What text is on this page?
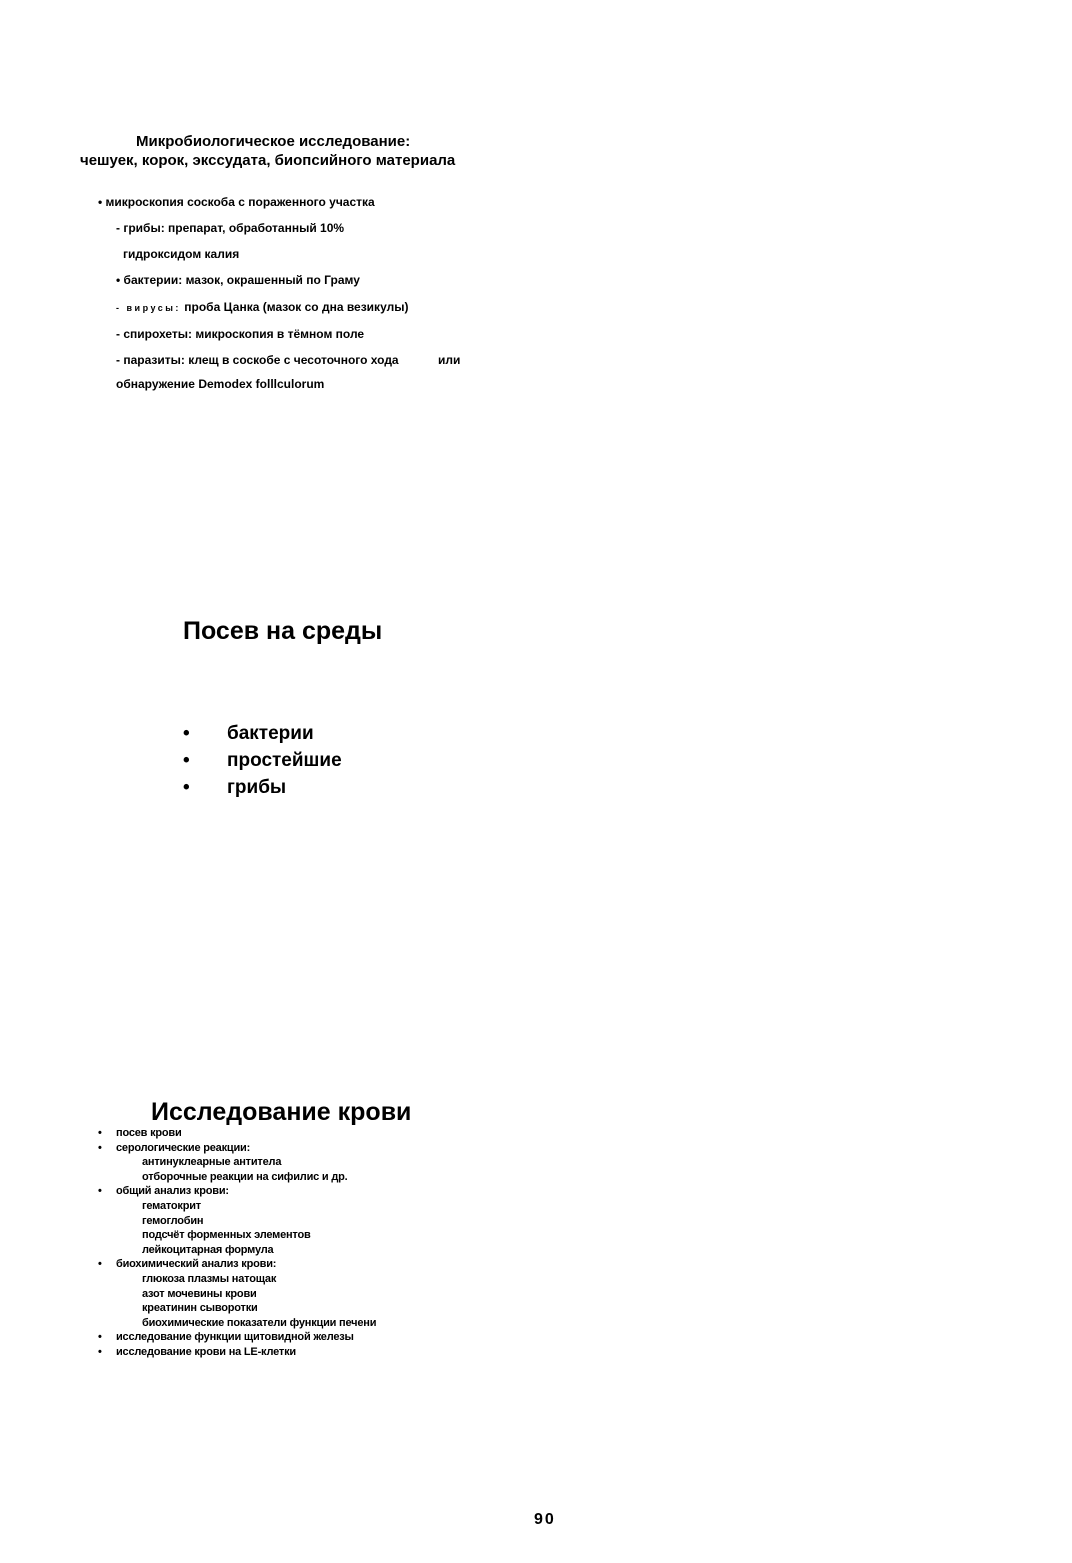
Микробиологическое исследование:
чешуек, корок, экссудата, биопсийного материала
• микроскопия соскоба с пораженного участка
- грибы: препарат, обработанный 10%
гидроксидом калия
• бактерии: мазок, окрашенный по Граму
- вирусы: проба Цанка (мазок со дна везикулы)
- спирохеты: микроскопия в тёмном поле
- паразиты: клещ в соскобе с чесоточного хода	или
обнаружение Demodex folllculorum
Посев на среды
• бактерии
• простейшие
• грибы
Исследование крови
• посев крови
• серологические реакции:
антинуклеарные антитела
отборочные реакции на сифилис и др.
• общий анализ крови:
гематокрит
гемоглобин
подсчёт форменных элементов
лейкоцитарная формула
• биохимический анализ крови:
глюкоза плазмы натощак
азот мочевины крови
креатинин сыворотки
биохимические показатели функции печени
• исследование функции щитовидной железы
• исследование крови на LE-клетки
90
